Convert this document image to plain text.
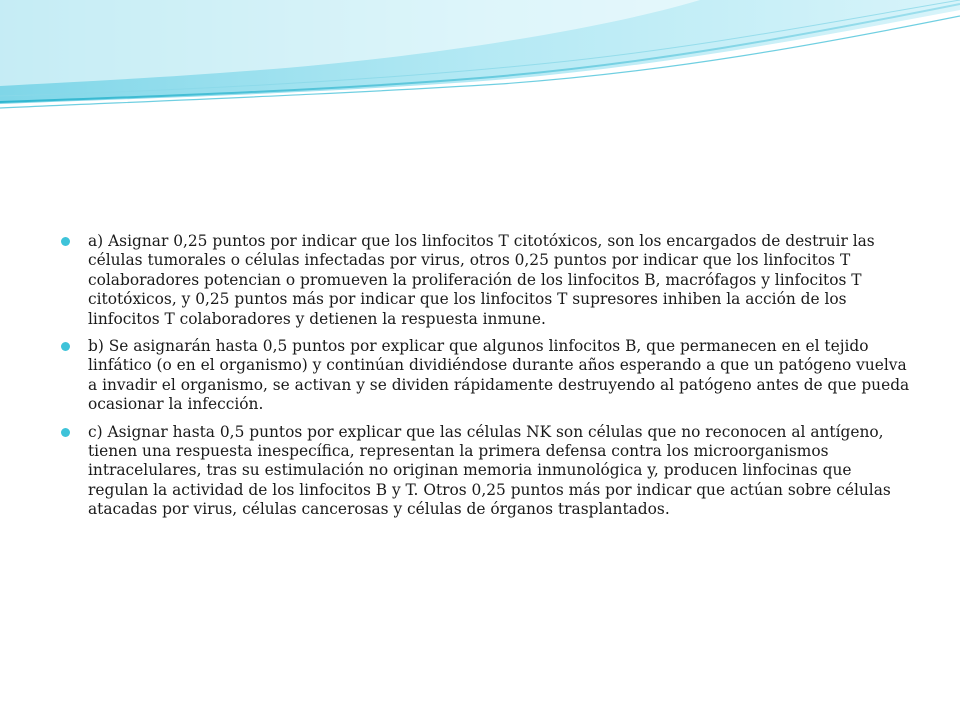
a) Asignar 0,25 puntos por indicar que los linfocitos T citotóxicos, son los encargados de destruir las células tumorales o células infectadas por virus, otros 0,25 puntos por indicar que los linfocitos T colaboradores potencian o promueven la proliferación de los linfocitos B, macrófagos y linfocitos T citotóxicos, y 0,25 puntos más por indicar que los linfocitos T supresores inhiben la acción de los linfocitos T colaboradores y detienen la respuesta inmune.
b) Se asignarán hasta 0,5 puntos por explicar que algunos linfocitos B, que permanecen en el tejido linfático (o en el organismo) y continúan dividiéndose durante años esperando a que un patógeno vuelva a invadir el organismo, se activan y se dividen rápidamente destruyendo al patógeno antes de que pueda ocasionar la infección.
c) Asignar hasta 0,5 puntos por explicar que las células NK son células que no reconocen al antígeno, tienen una respuesta inespecífica, representan la primera defensa contra los microorganismos intracelulares, tras su estimulación no originan memoria inmunológica y, producen linfocinas que regulan la actividad de los linfocitos B y T. Otros 0,25 puntos más por indicar que actúan sobre células atacadas por virus, células cancerosas y células de órganos trasplantados.
